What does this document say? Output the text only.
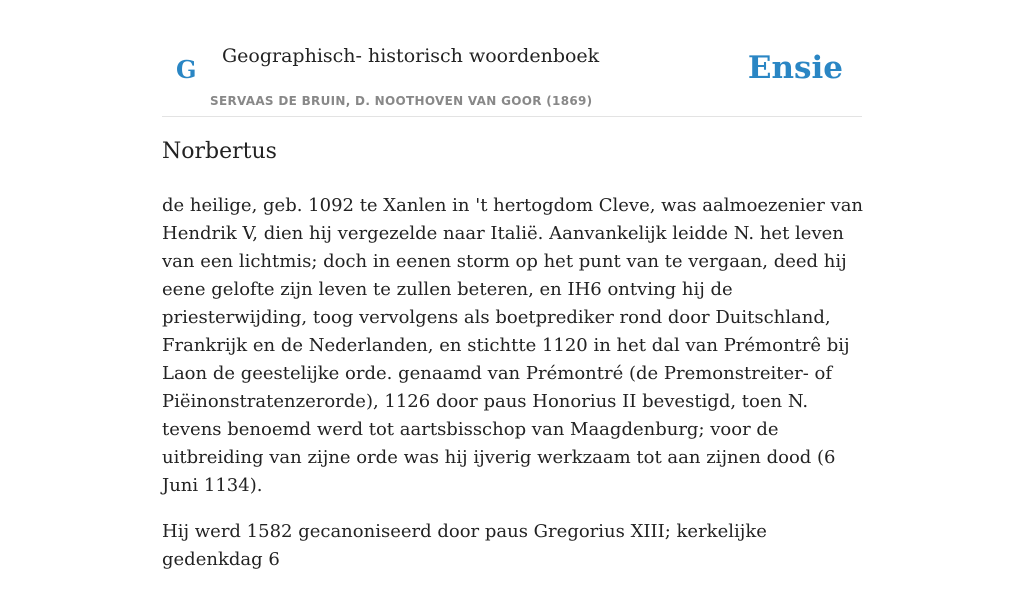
G Geographisch- historisch woordenboek
SERVAAS DE BRUIN, D. NOOTHOVEN VAN GOOR (1869)
Ensie
Norbertus

de heilige, geb. 1092 te Xanlen in 't hertogdom Cleve, was aalmoezenier van Hendrik V, dien hij vergezelde naar Italië. Aanvankelijk leidde N. het leven van een lichtmis; doch in eenen storm op het punt van te vergaan, deed hij eene gelofte zijn leven te zullen beteren, en IH6 ontving hij de priesterwijding, toog vervolgens als boetprediker rond door Duitschland, Frankrijk en de Nederlanden, en stichtte 1120 in het dal van Prémontrê bij Laon de geestelijke orde. genaamd van Prémontré (de Premonstreiter- of Piëinonstratenzerorde), 1126 door paus Honorius II bevestigd, toen N. tevens benoemd werd tot aartsbisschop van Maagdenburg; voor de uitbreiding van zijne orde was hij ijverig werkzaam tot aan zijnen dood (6 Juni 1134).

Hij werd 1582 gecanoniseerd door paus Gregorius XIII; kerkelijke gedenkdag 6
